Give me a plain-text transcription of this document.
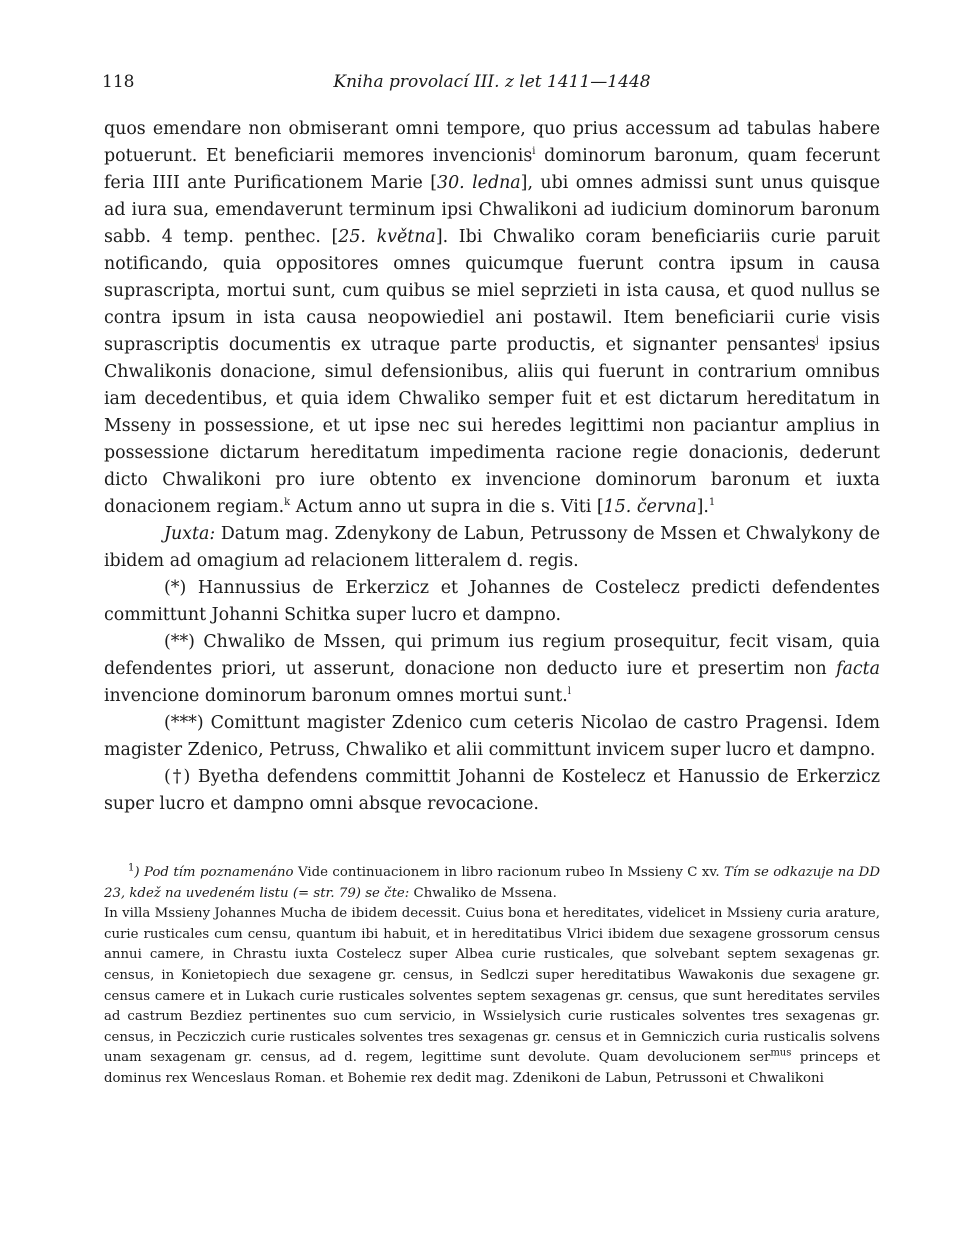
118	Kniha provolací III. z let 1411—1448

quos emendare non obmiserant omni tempore, quo prius accessum ad tabulas habere potuerunt. Et beneficiarii memores invencionis$^i$ dominorum baronum, quam fecerunt feria IIII ante Purificationem Marie [30. ledna], ubi omnes admissi sunt unus quisque ad iura sua, emendaverunt terminum ipsi Chwalikoni ad iudicium dominorum baronum sabb. 4 temp. penthec. [25. května]. Ibi Chwaliko coram beneficiariis curie paruit notificando, quia oppositores omnes quicumque fuerunt contra ipsum in causa suprascripta, mortui sunt, cum quibus se miel seprzieti in ista causa, et quod nullus se contra ipsum in ista causa neopowiediel ani postawil. Item beneficiarii curie visis suprascriptis documentis ex utraque parte productis, et signanter pensantes$^j$ ipsius Chwalikonis donacione, simul defensionibus, aliis qui fuerunt in contrarium omnibus iam decedentibus, et quia idem Chwaliko semper fuit et est dictarum hereditatum in Msseny in possessione, et ut ipse nec sui heredes legittimi non paciantur amplius in possessione dictarum hereditatum impedimenta racione regie donacionis, dederunt dicto Chwalikoni pro iure obtento ex invencione dominorum baronum et iuxta donacionem regiam.$^k$ Actum anno ut supra in die s. Viti [15. června].$^1$

Juxta: Datum mag. Zdenykony de Labun, Petrussony de Mssen et Chwalykony de ibidem ad omagium ad relacionem litteralem d. regis.

(*) Hannussius de Erkerzicz et Johannes de Costelecz predicti defendentes committunt Johanni Schitka super lucro et dampno.

(**) Chwaliko de Mssen, qui primum ius regium prosequitur, fecit visam, quia defendentes priori, ut asserunt, donacione non deducto iure et presertim non facta invencione dominorum baronum omnes mortui sunt.$^l$

(***) Comittunt magister Zdenico cum ceteris Nicolao de castro Pragensi. Idem magister Zdenico, Petruss, Chwaliko et alii committunt invicem super lucro et dampno.

(†) Byetha defendens committit Johanni de Kostelecz et Hanussio de Erkerzicz super lucro et dampno omni absque revocacione.

$^1$) Pod tím poznamenáno Vide continuacionem in libro racionum rubeo In Mssieny C xv. Tím se odkazuje na DD 23, kdež na uvedeném listu (= str. 79) se čte: Chwaliko de Mssena.

In villa Mssieny Johannes Mucha de ibidem decessit. Cuius bona et hereditates, videlicet in Mssieny curia arature, curie rusticales cum censu, quantum ibi habuit, et in hereditatibus Vlrici ibidem due sexagene grossorum census annui camere, in Chrastu iuxta Costelecz super Albea curie rusticales, que solvebant septem sexagenas gr. census, in Konietopiech due sexagene gr. census, in Sedlczi super hereditatibus Wawakonis due sexagene gr. census camere et in Lukach curie rusticales solventes septem sexagenas gr. census, que sunt hereditates serviles ad castrum Bezdiez pertinentes suo cum servicio, in Wssielysich curie rusticales solventes tres sexagenas gr. census, in Pecziczich curie rusticales solventes tres sexagenas gr. census et in Gemniczich curia rusticalis solvens unam sexagenam gr. census, ad d. regem, legittime sunt devolute. Quam devolucionem ser$^{mus}$ princeps et dominus rex Wenceslaus Roman. et Bohemie rex dedit mag. Zdenikoni de Labun, Petrussoni et Chwalikoni
